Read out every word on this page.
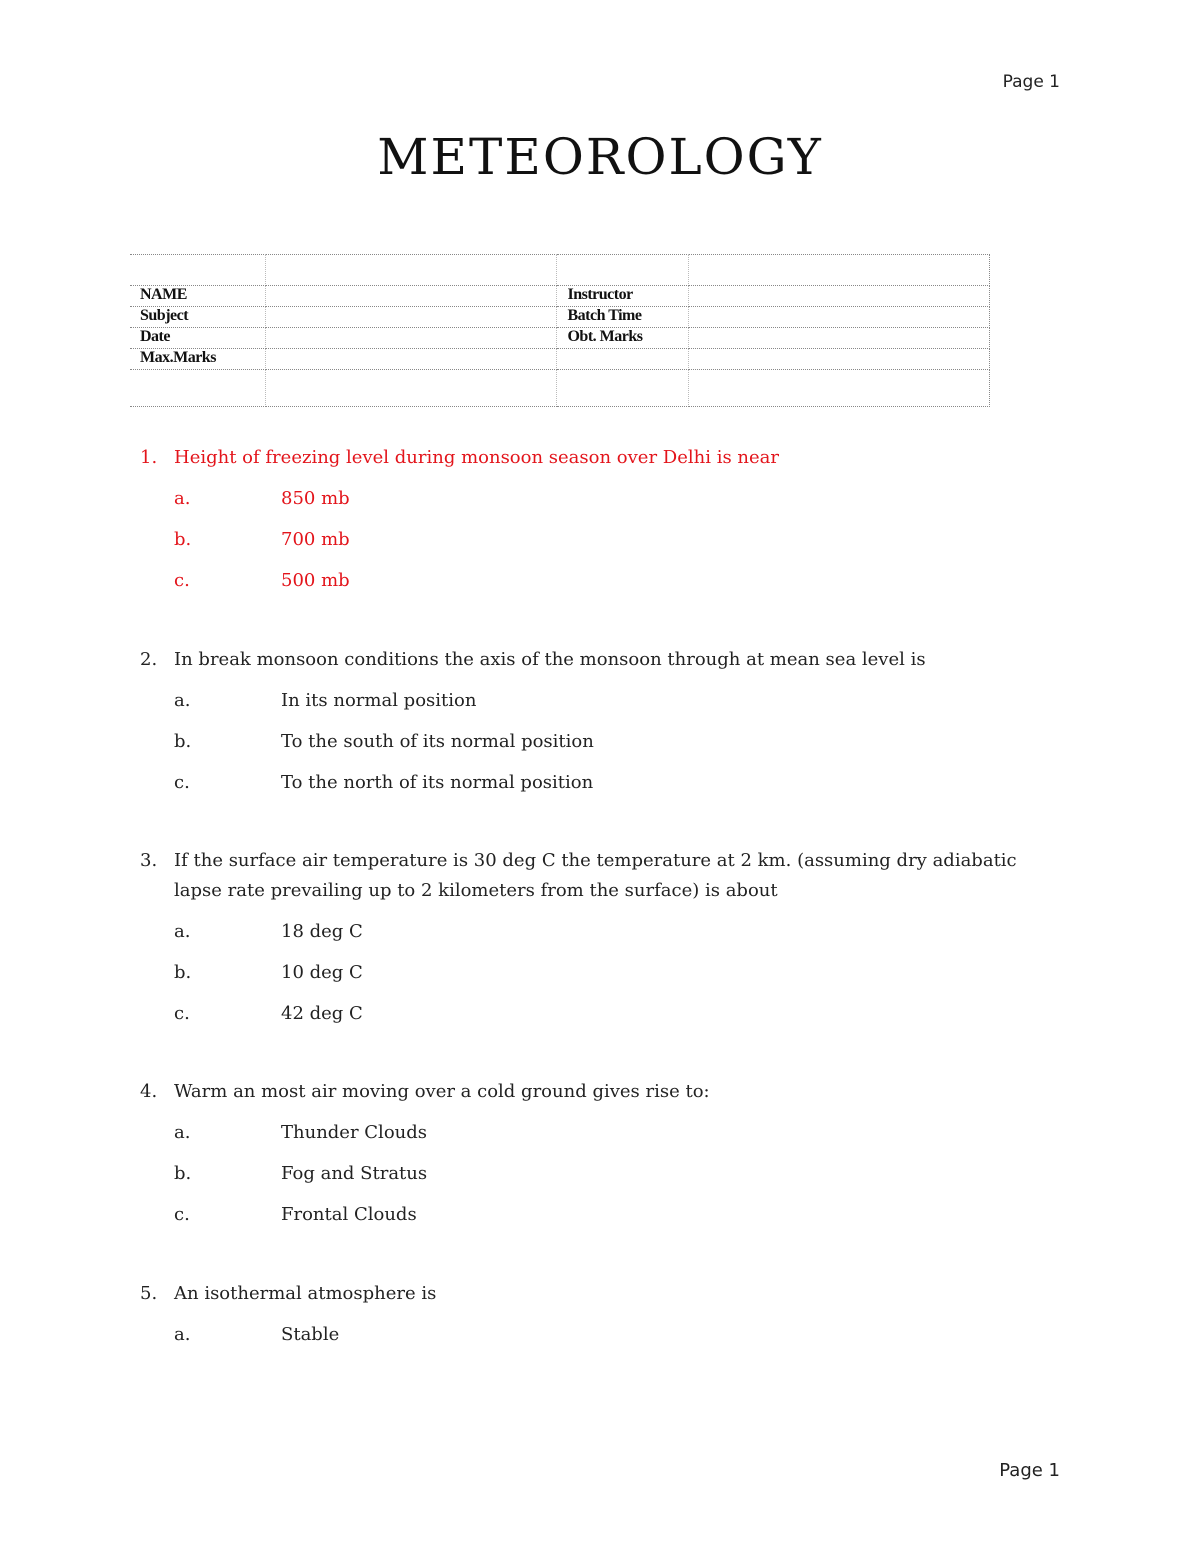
Page 1
METEOROLOGY

NAME		Instructor	
Subject		Batch Time	
Date		Obt. Marks	
Max.Marks			

1. Height of freezing level during monsoon season over Delhi is near
a.	850 mb
b.	700 mb
c.	500 mb
2. In break monsoon conditions the axis of the monsoon through at mean sea level is
a.	In its normal position
b.	To the south of its normal position
c.	To the north of its normal position
3. If the surface air temperature is 30 deg C the temperature at 2 km. (assuming dry adiabatic lapse rate prevailing up to 2 kilometers from the surface) is about
a.	18 deg C
b.	10 deg C
c.	42 deg C
4. Warm an most air moving over a cold ground gives rise to:
a.	Thunder Clouds
b.	Fog and Stratus
c.	Frontal Clouds
5. An isothermal atmosphere is
a.	Stable
Page 1
